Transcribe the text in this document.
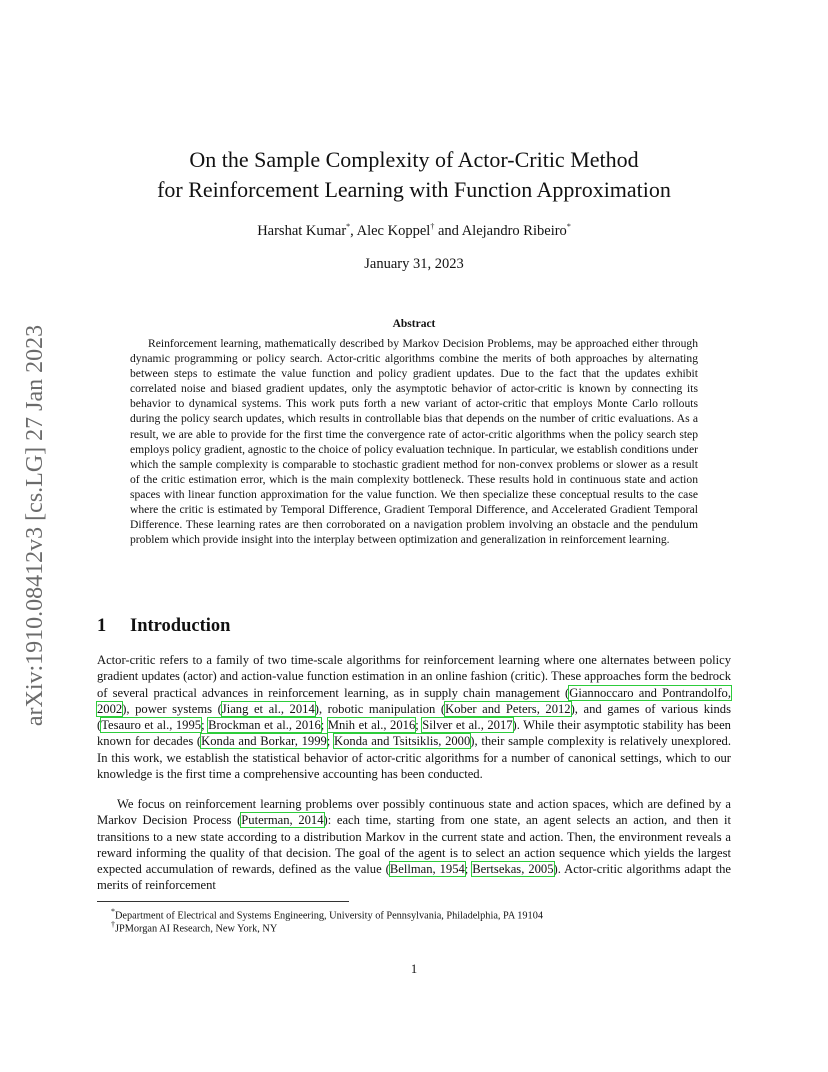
arXiv:1910.08412v3 [cs.LG] 27 Jan 2023
On the Sample Complexity of Actor-Critic Method
for Reinforcement Learning with Function Approximation
Harshat Kumar*, Alec Koppel† and Alejandro Ribeiro*
January 31, 2023
Abstract

Reinforcement learning, mathematically described by Markov Decision Problems, may be approached either through dynamic programming or policy search. Actor-critic algorithms combine the merits of both approaches by alternating between steps to estimate the value function and policy gradient updates. Due to the fact that the updates exhibit correlated noise and biased gradient updates, only the asymptotic behavior of actor-critic is known by connecting its behavior to dynamical systems. This work puts forth a new variant of actor-critic that employs Monte Carlo rollouts during the policy search updates, which results in controllable bias that depends on the number of critic evaluations. As a result, we are able to provide for the first time the convergence rate of actor-critic algorithms when the policy search step employs policy gradient, agnostic to the choice of policy evaluation technique. In particular, we establish conditions under which the sample complexity is comparable to stochastic gradient method for non-convex problems or slower as a result of the critic estimation error, which is the main complexity bottleneck. These results hold in continuous state and action spaces with linear function approximation for the value function. We then specialize these conceptual results to the case where the critic is estimated by Temporal Difference, Gradient Temporal Difference, and Accelerated Gradient Temporal Difference. These learning rates are then corroborated on a navigation problem involving an obstacle and the pendulum problem which provide insight into the interplay between optimization and generalization in reinforcement learning.

1 Introduction

Actor-critic refers to a family of two time-scale algorithms for reinforcement learning where one alternates between policy gradient updates (actor) and action-value function estimation in an online fashion (critic). These approaches form the bedrock of several practical advances in reinforcement learning, as in supply chain management (Giannoccaro and Pontrandolfo, 2002), power systems (Jiang et al., 2014), robotic manipulation (Kober and Peters, 2012), and games of various kinds (Tesauro et al., 1995; Brockman et al., 2016; Mnih et al., 2016; Silver et al., 2017). While their asymptotic stability has been known for decades (Konda and Borkar, 1999; Konda and Tsitsiklis, 2000), their sample complexity is relatively unexplored. In this work, we establish the statistical behavior of actor-critic algorithms for a number of canonical settings, which to our knowledge is the first time a comprehensive accounting has been conducted.

We focus on reinforcement learning problems over possibly continuous state and action spaces, which are defined by a Markov Decision Process (Puterman, 2014): each time, starting from one state, an agent selects an action, and then it transitions to a new state according to a distribution Markov in the current state and action. Then, the environment reveals a reward informing the quality of that decision. The goal of the agent is to select an action sequence which yields the largest expected accumulation of rewards, defined as the value (Bellman, 1954; Bertsekas, 2005). Actor-critic algorithms adapt the merits of reinforcement

*Department of Electrical and Systems Engineering, University of Pennsylvania, Philadelphia, PA 19104
†JPMorgan AI Research, New York, NY
1
